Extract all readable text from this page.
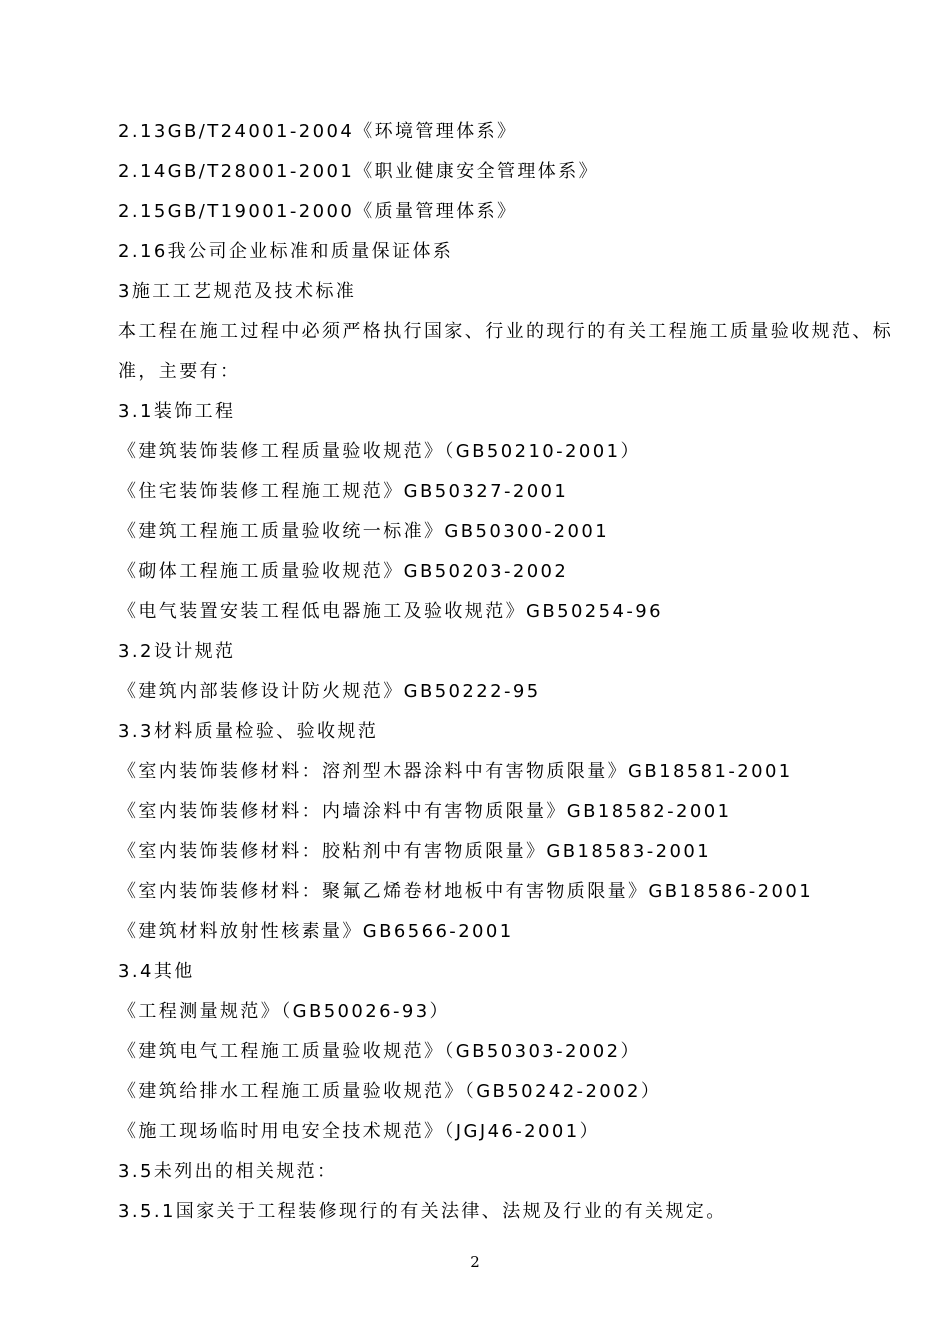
2.13GB/T24001-2004《环境管理体系》
2.14GB/T28001-2001《职业健康安全管理体系》
2.15GB/T19001-2000《质量管理体系》
2.16我公司企业标准和质量保证体系
3施工工艺规范及技术标准
本工程在施工过程中必须严格执行国家、行业的现行的有关工程施工质量验收规范、标
准，主要有：
3.1装饰工程
《建筑装饰装修工程质量验收规范》（GB50210-2001）
《住宅装饰装修工程施工规范》GB50327-2001
《建筑工程施工质量验收统一标准》GB50300-2001
《砌体工程施工质量验收规范》GB50203-2002
《电气装置安装工程低电器施工及验收规范》GB50254-96
3.2设计规范
《建筑内部装修设计防火规范》GB50222-95
3.3材料质量检验、验收规范
《室内装饰装修材料：溶剂型木器涂料中有害物质限量》GB18581-2001
《室内装饰装修材料：内墙涂料中有害物质限量》GB18582-2001
《室内装饰装修材料：胶粘剂中有害物质限量》GB18583-2001
《室内装饰装修材料：聚氟乙烯卷材地板中有害物质限量》GB18586-2001
《建筑材料放射性核素量》GB6566-2001
3.4其他
《工程测量规范》（GB50026-93）
《建筑电气工程施工质量验收规范》（GB50303-2002）
《建筑给排水工程施工质量验收规范》（GB50242-2002）
《施工现场临时用电安全技术规范》（JGJ46-2001）
3.5未列出的相关规范：
3.5.1国家关于工程装修现行的有关法律、法规及行业的有关规定。
2
